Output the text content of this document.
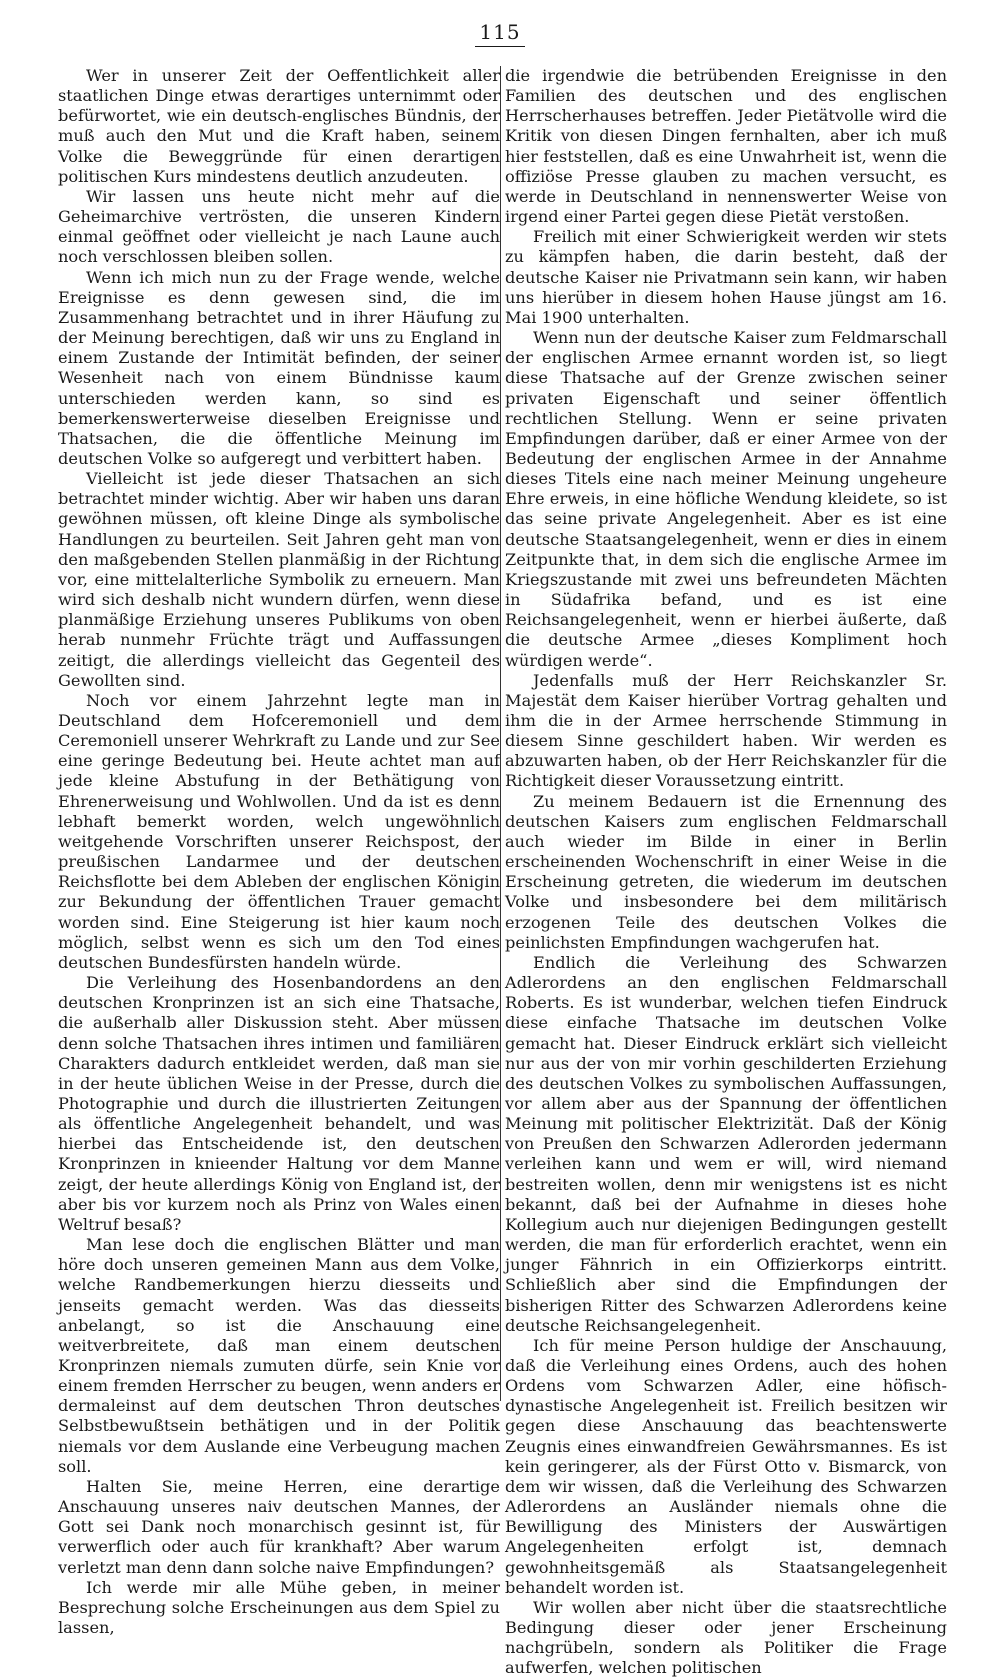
115

Wer in unserer Zeit der Oeffentlichkeit aller staatlichen Dinge etwas derartiges unternimmt oder befürwortet, wie ein deutsch-englisches Bündnis, der muß auch den Mut und die Kraft haben, seinem Volke die Beweggründe für einen derartigen politischen Kurs mindestens deutlich anzudeuten.

Wir lassen uns heute nicht mehr auf die Geheimarchive vertrösten, die unseren Kindern einmal geöffnet oder vielleicht je nach Laune auch noch verschlossen bleiben sollen.

Wenn ich mich nun zu der Frage wende, welche Ereignisse es denn gewesen sind, die im Zusammenhang betrachtet und in ihrer Häufung zu der Meinung berechtigen, daß wir uns zu England in einem Zustande der Intimität befinden, der seiner Wesenheit nach von einem Bündnisse kaum unterschieden werden kann, so sind es bemerkenswerterweise dieselben Ereignisse und Thatsachen, die die öffentliche Meinung im deutschen Volke so aufgeregt und verbittert haben.

Vielleicht ist jede dieser Thatsachen an sich betrachtet minder wichtig. Aber wir haben uns daran gewöhnen müssen, oft kleine Dinge als symbolische Handlungen zu beurteilen. Seit Jahren geht man von den maßgebenden Stellen planmäßig in der Richtung vor, eine mittelalterliche Symbolik zu erneuern. Man wird sich deshalb nicht wundern dürfen, wenn diese planmäßige Erziehung unseres Publikums von oben herab nunmehr Früchte trägt und Auffassungen zeitigt, die allerdings vielleicht das Gegenteil des Gewollten sind.

Noch vor einem Jahrzehnt legte man in Deutschland dem Hofceremoniell und dem Ceremoniell unserer Wehrkraft zu Lande und zur See eine geringe Bedeutung bei. Heute achtet man auf jede kleine Abstufung in der Bethätigung von Ehrenerweisung und Wohlwollen. Und da ist es denn lebhaft bemerkt worden, welch ungewöhnlich weitgehende Vorschriften unserer Reichspost, der preußischen Landarmee und der deutschen Reichsflotte bei dem Ableben der englischen Königin zur Bekundung der öffentlichen Trauer gemacht worden sind. Eine Steigerung ist hier kaum noch möglich, selbst wenn es sich um den Tod eines deutschen Bundesfürsten handeln würde.

Die Verleihung des Hosenbandordens an den deutschen Kronprinzen ist an sich eine Thatsache, die außerhalb aller Diskussion steht. Aber müssen denn solche Thatsachen ihres intimen und familiären Charakters dadurch entkleidet werden, daß man sie in der heute üblichen Weise in der Presse, durch die Photographie und durch die illustrierten Zeitungen als öffentliche Angelegenheit behandelt, und was hierbei das Entscheidende ist, den deutschen Kronprinzen in knieender Haltung vor dem Manne zeigt, der heute allerdings König von England ist, der aber bis vor kurzem noch als Prinz von Wales einen Weltruf besaß?

Man lese doch die englischen Blätter und man höre doch unseren gemeinen Mann aus dem Volke, welche Randbemerkungen hierzu diesseits und jenseits gemacht werden. Was das diesseits anbelangt, so ist die Anschauung eine weitverbreitete, daß man einem deutschen Kronprinzen niemals zumuten dürfe, sein Knie vor einem fremden Herrscher zu beugen, wenn anders er dermaleinst auf dem deutschen Thron deutsches Selbstbewußtsein bethätigen und in der Politik niemals vor dem Auslande eine Verbeugung machen soll.

Halten Sie, meine Herren, eine derartige Anschauung unseres naiv deutschen Mannes, der Gott sei Dank noch monarchisch gesinnt ist, für verwerflich oder auch für krankhaft? Aber warum verletzt man denn dann solche naive Empfindungen?

Ich werde mir alle Mühe geben, in meiner Besprechung solche Erscheinungen aus dem Spiel zu lassen,

die irgendwie die betrübenden Ereignisse in den Familien des deutschen und des englischen Herrscherhauses betreffen. Jeder Pietätvolle wird die Kritik von diesen Dingen fernhalten, aber ich muß hier feststellen, daß es eine Unwahrheit ist, wenn die offiziöse Presse glauben zu machen versucht, es werde in Deutschland in nennenswerter Weise von irgend einer Partei gegen diese Pietät verstoßen.

Freilich mit einer Schwierigkeit werden wir stets zu kämpfen haben, die darin besteht, daß der deutsche Kaiser nie Privatmann sein kann, wir haben uns hierüber in diesem hohen Hause jüngst am 16. Mai 1900 unterhalten.

Wenn nun der deutsche Kaiser zum Feldmarschall der englischen Armee ernannt worden ist, so liegt diese Thatsache auf der Grenze zwischen seiner privaten Eigenschaft und seiner öffentlich rechtlichen Stellung. Wenn er seine privaten Empfindungen darüber, daß er einer Armee von der Bedeutung der englischen Armee in der Annahme dieses Titels eine nach meiner Meinung ungeheure Ehre erweis, in eine höfliche Wendung kleidete, so ist das seine private Angelegenheit. Aber es ist eine deutsche Staatsangelegenheit, wenn er dies in einem Zeitpunkte that, in dem sich die englische Armee im Kriegszustande mit zwei uns befreundeten Mächten in Südafrika befand, und es ist eine Reichsangelegenheit, wenn er hierbei äußerte, daß die deutsche Armee „dieses Kompliment hoch würdigen werde“.

Jedenfalls muß der Herr Reichskanzler Sr. Majestät dem Kaiser hierüber Vortrag gehalten und ihm die in der Armee herrschende Stimmung in diesem Sinne geschildert haben. Wir werden es abzuwarten haben, ob der Herr Reichskanzler für die Richtigkeit dieser Voraussetzung eintritt.

Zu meinem Bedauern ist die Ernennung des deutschen Kaisers zum englischen Feldmarschall auch wieder im Bilde in einer in Berlin erscheinenden Wochenschrift in einer Weise in die Erscheinung getreten, die wiederum im deutschen Volke und insbesondere bei dem militärisch erzogenen Teile des deutschen Volkes die peinlichsten Empfindungen wachgerufen hat.

Endlich die Verleihung des Schwarzen Adlerordens an den englischen Feldmarschall Roberts. Es ist wunderbar, welchen tiefen Eindruck diese einfache Thatsache im deutschen Volke gemacht hat. Dieser Eindruck erklärt sich vielleicht nur aus der von mir vorhin geschilderten Erziehung des deutschen Volkes zu symbolischen Auffassungen, vor allem aber aus der Spannung der öffentlichen Meinung mit politischer Elektrizität. Daß der König von Preußen den Schwarzen Adlerorden jedermann verleihen kann und wem er will, wird niemand bestreiten wollen, denn mir wenigstens ist es nicht bekannt, daß bei der Aufnahme in dieses hohe Kollegium auch nur diejenigen Bedingungen gestellt werden, die man für erforderlich erachtet, wenn ein junger Fähnrich in ein Offizierkorps eintritt. Schließlich aber sind die Empfindungen der bisherigen Ritter des Schwarzen Adlerordens keine deutsche Reichsangelegenheit.

Ich für meine Person huldige der Anschauung, daß die Verleihung eines Ordens, auch des hohen Ordens vom Schwarzen Adler, eine höfisch-dynastische Angelegenheit ist. Freilich besitzen wir gegen diese Anschauung das beachtenswerte Zeugnis eines einwandfreien Gewährsmannes. Es ist kein geringerer, als der Fürst Otto v. Bismarck, von dem wir wissen, daß die Verleihung des Schwarzen Adlerordens an Ausländer niemals ohne die Bewilligung des Ministers der Auswärtigen Angelegenheiten erfolgt ist, demnach gewohnheitsgemäß als Staatsangelegenheit behandelt worden ist.

Wir wollen aber nicht über die staatsrechtliche Bedingung dieser oder jener Erscheinung nachgrübeln, sondern als Politiker die Frage aufwerfen, welchen politischen
